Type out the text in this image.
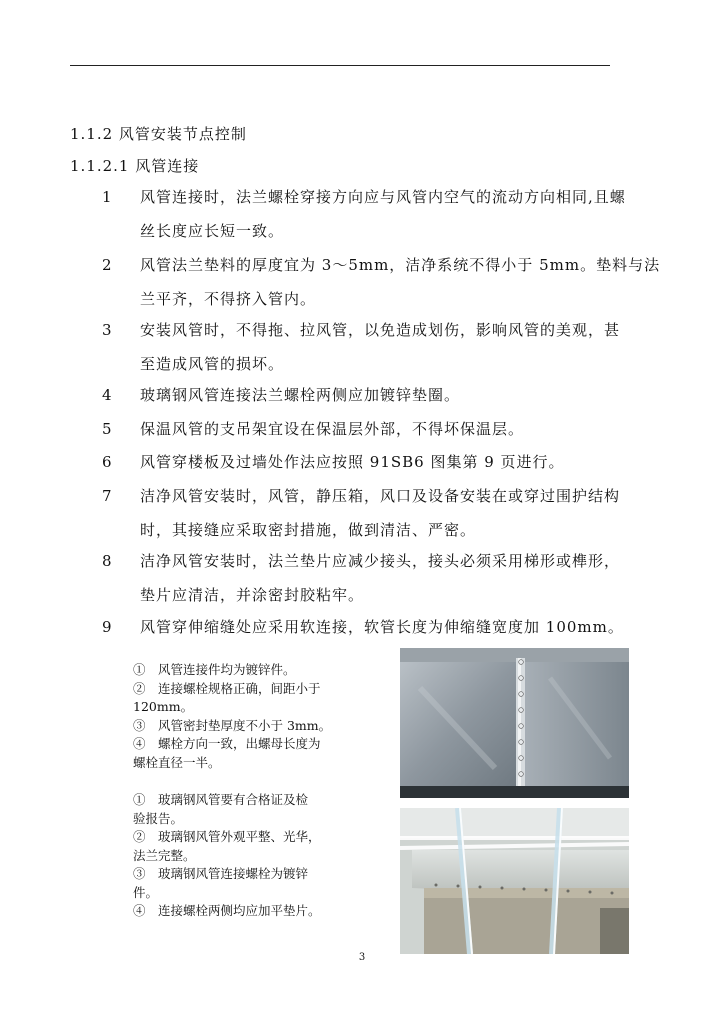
1.1.2 风管安装节点控制
1.1.2.1 风管连接
1	风管连接时，法兰螺栓穿接方向应与风管内空气的流动方向相同,且螺
丝长度应长短一致。
2	风管法兰垫料的厚度宜为 3～5mm，洁净系统不得小于 5mm。垫料与法
兰平齐，不得挤入管内。
3	安装风管时，不得拖、拉风管，以免造成划伤，影响风管的美观，甚
至造成风管的损坏。
4	玻璃钢风管连接法兰螺栓两侧应加镀锌垫圈。
5	保温风管的支吊架宜设在保温层外部，不得坏保温层。
6	风管穿楼板及过墙处作法应按照 91SB6 图集第 9 页进行。
7	洁净风管安装时，风管，静压箱，风口及设备安装在或穿过围护结构
时，其接缝应采取密封措施，做到清洁、严密。
8	洁净风管安装时，法兰垫片应减少接头，接头必须采用梯形或榫形，
垫片应清洁，并涂密封胶粘牢。
9	风管穿伸缩缝处应采用软连接，软管长度为伸缩缝宽度加 100mm。

①　风管连接件均为镀锌件。

②　连接螺栓规格正确，间距小于

120mm。

③　风管密封垫厚度不小于 3mm。

④　螺栓方向一致，出螺母长度为

螺栓直径一半。

①　玻璃钢风管要有合格证及检

验报告。

②　玻璃钢风管外观平整、光华，

法兰完整。

③　玻璃钢风管连接螺栓为镀锌

件。

④　连接螺栓两侧均应加平垫片。

3
